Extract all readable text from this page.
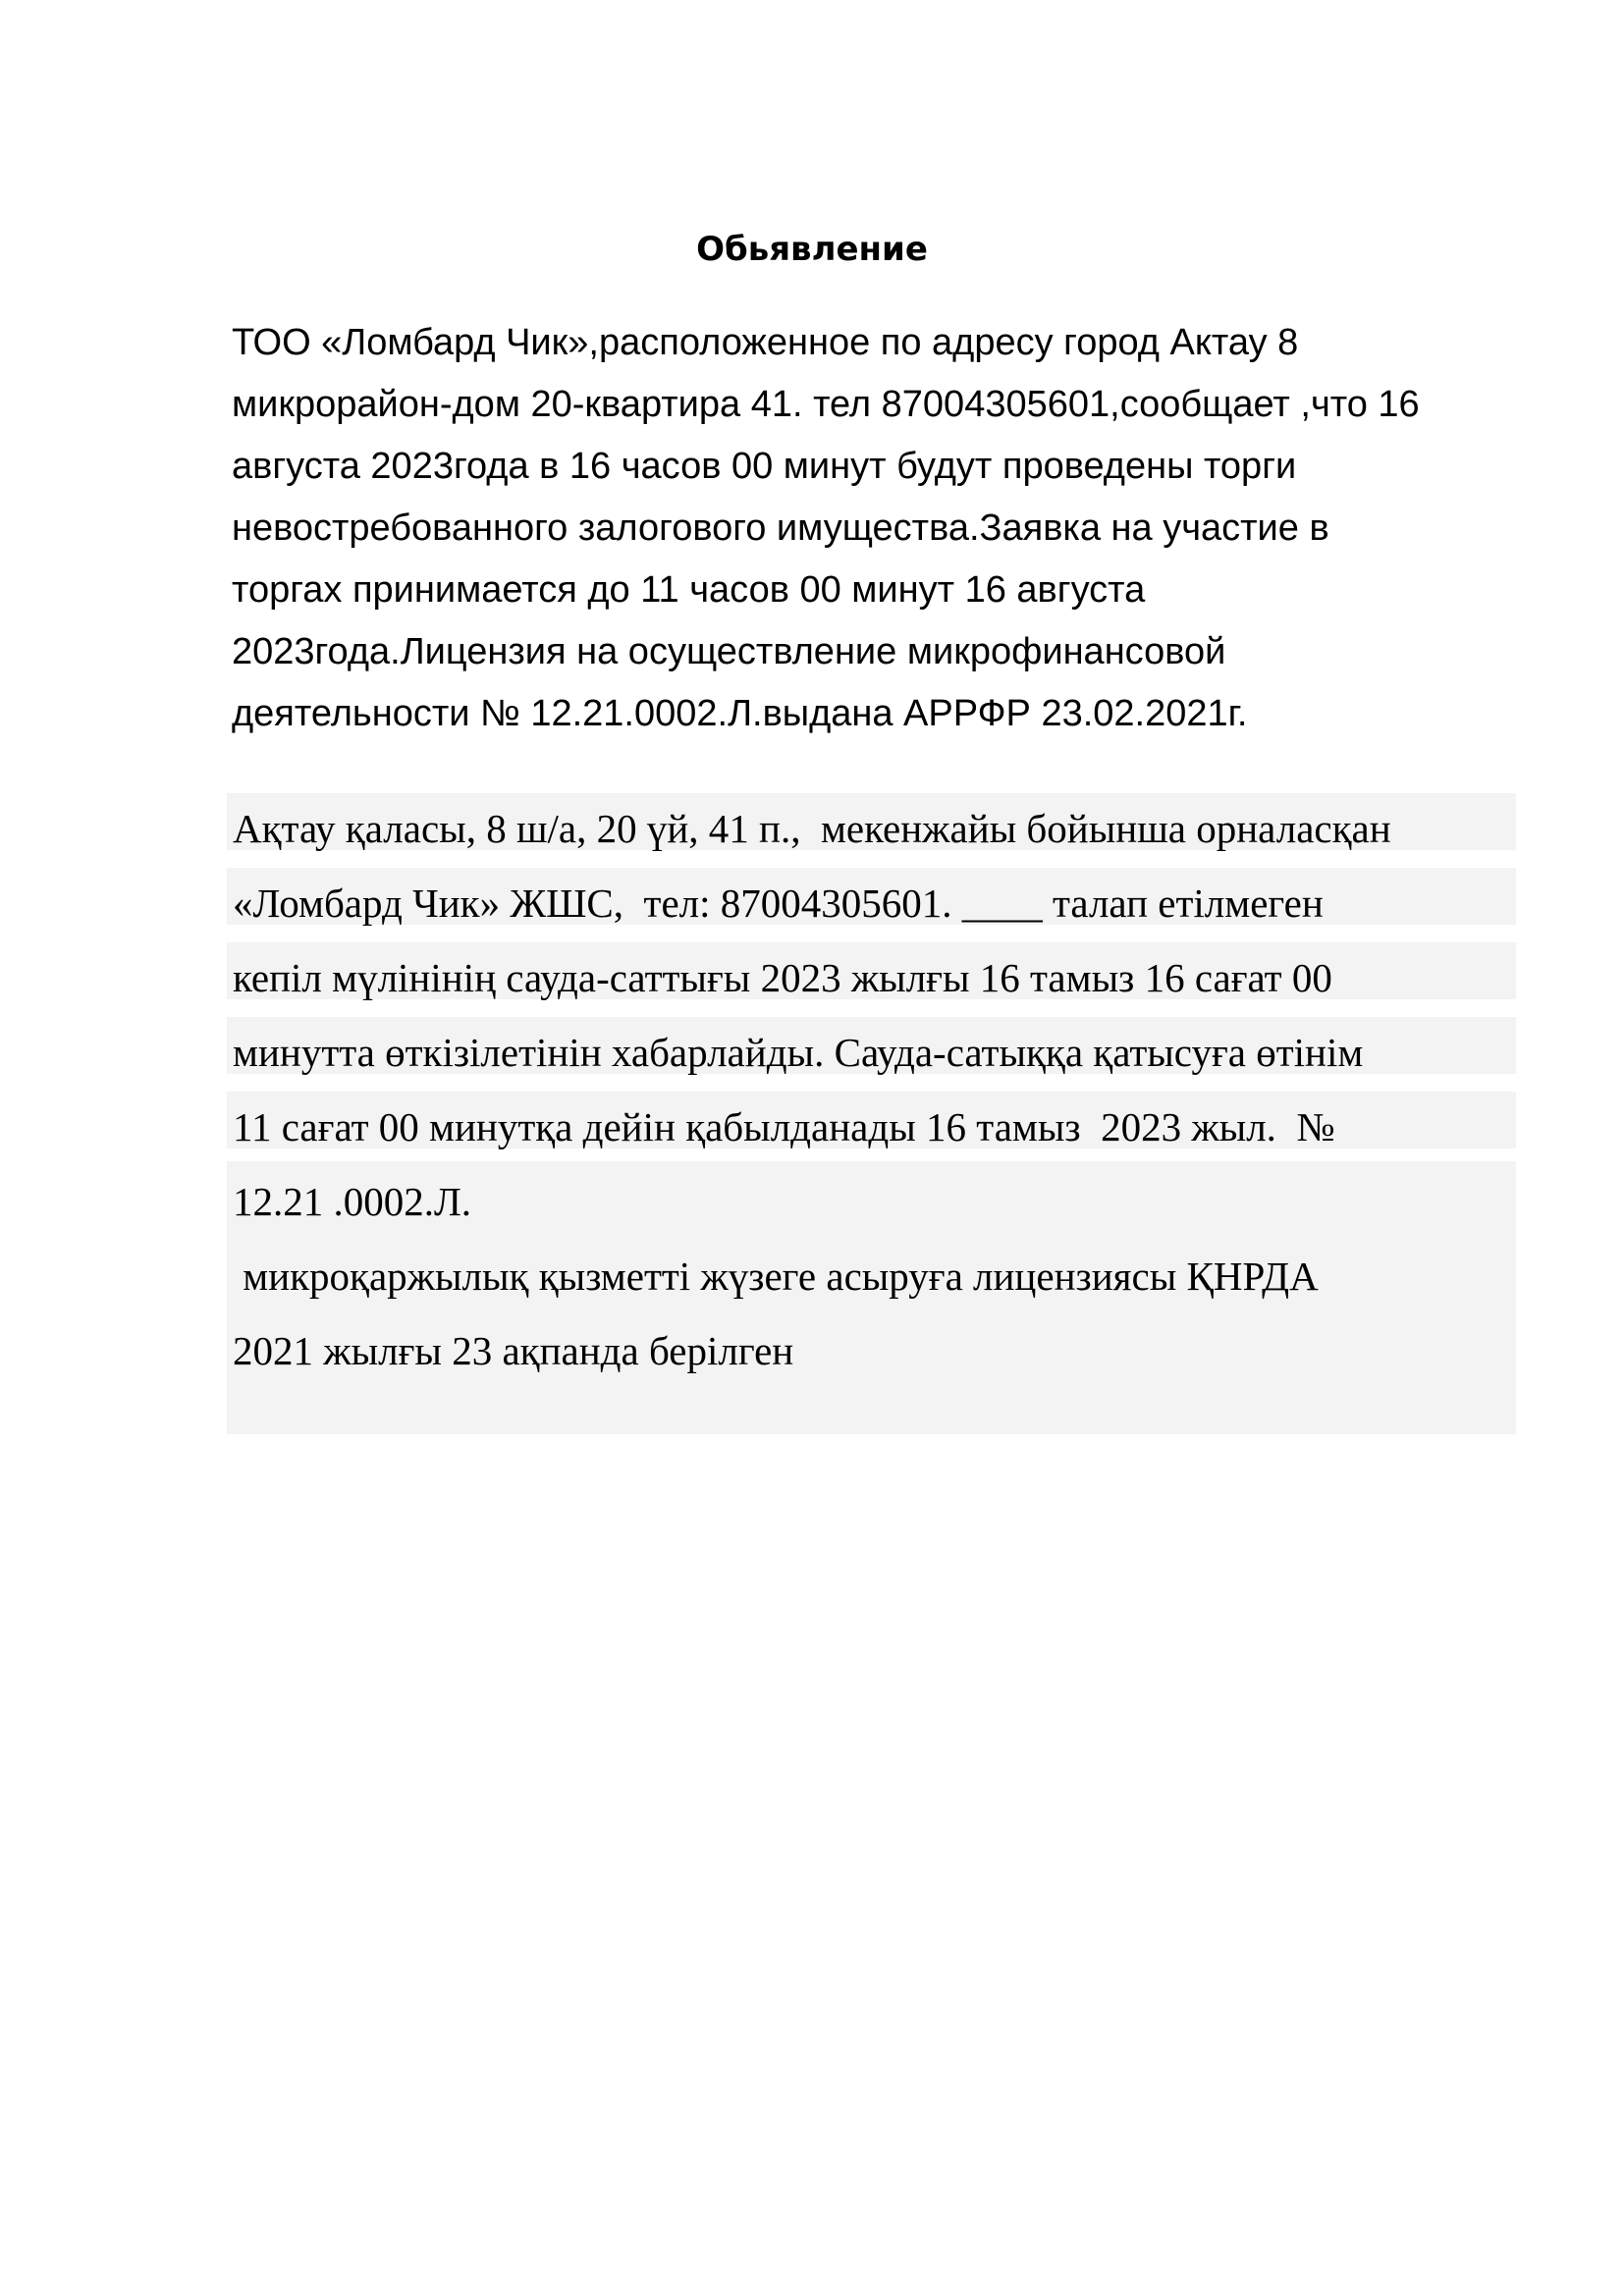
Обьявление
ТОО «Ломбард Чик»,расположенное по адресу город Актау 8
микрорайон-дом 20-квартира 41. тел 87004305601,сообщает ,что 16
августа 2023года в 16 часов 00 минут будут проведены торги
невостребованного залогового имущества.Заявка на участие в
торгах принимается до 11 часов 00 минут 16 августа
2023года.Лицензия на осуществление микрофинансовой
деятельности № 12.21.0002.Л.выдана АРРФР 23.02.2021г.
Ақтау қаласы, 8 ш/а, 20 үй, 41 п.,  мекенжайы бойынша орналасқан
«Ломбард Чик» ЖШС,  тел: 87004305601. ____ талап етілмеген
кепіл мүлінінің сауда-саттығы 2023 жылғы 16 тамыз 16 сағат 00
минутта өткізілетінін хабарлайды. Сауда-сатыққа қатысуға өтінім
11 сағат 00 минутқа дейін қабылданады 16 тамыз  2023 жыл.  №
12.21 .0002.Л.
микроқаржылық қызметті жүзеге асыруға лицензиясы ҚНРДА
2021 жылғы 23 ақпанда берілген
